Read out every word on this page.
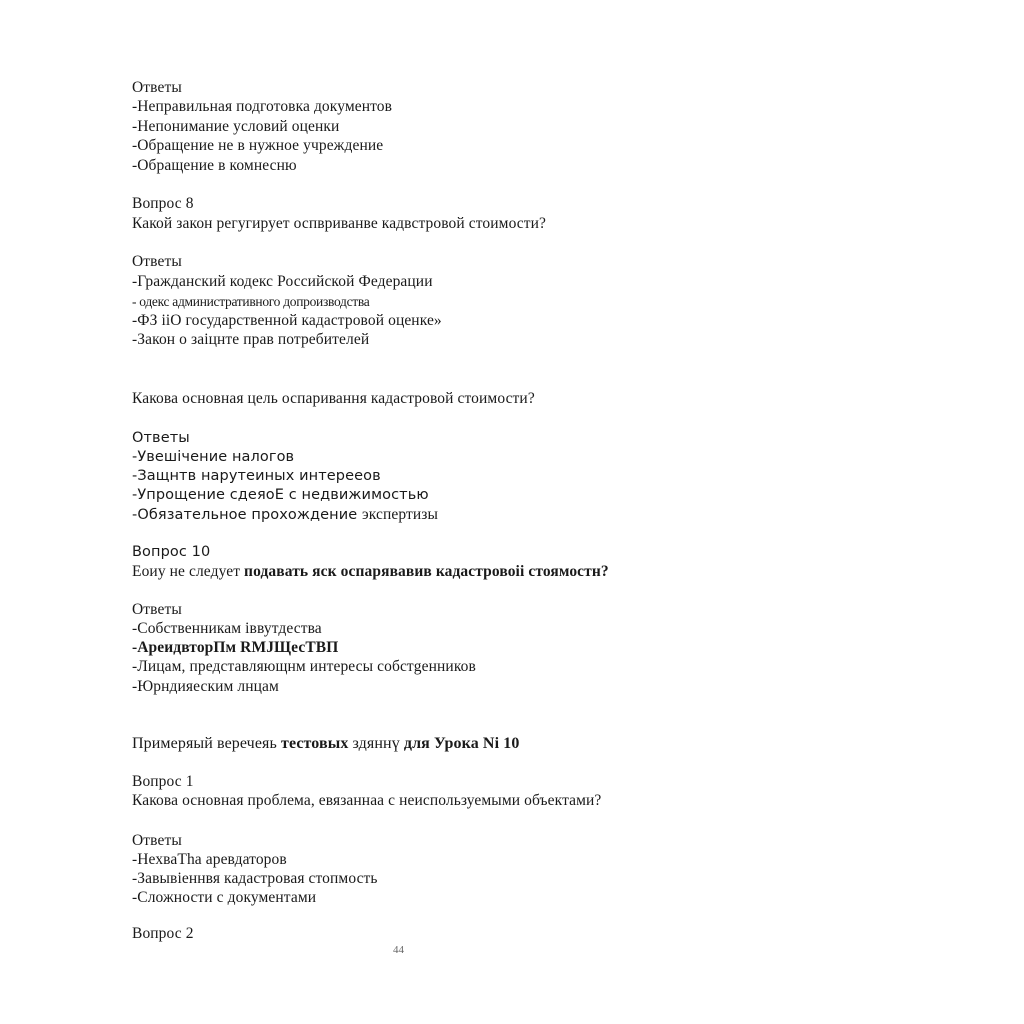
Ответы
-Неправильная подготовка документов
-Непонимание условий оценки
-Обращение не в нужное учреждение
-Обращение в комнесню
Вопрос 8
Какой закон регугирует оспвриванве кадвстровой стоимости?
Ответы
-Гражданский кодекс Российской Федерации
- одекс административного допроизводства
-ФЗ iiО государственной кадастровой оценке»
-Закон о заіцнте прав потребителей
Какова основная цель оспаривання кадастровой стоимости?
Ответы
-Увешічение налогов
-Защнтв нарутеиных интерееов
-Упрощение сдеяоЕ с недвижимостью
-Обязательное прохождение экспертизы
Вопрос 10
Еоиу не следует подавать яск оспарявавив кадастровоіі стоямостн?
Ответы
-Собственникам іввутдества
-АреидвторПм RMJЩесТВП
-Лицам, представляющнм интересы собстgенников
-Юрндияеским лнцам
Примеряый веречеяь тестовых здяннү для Урока Ni 10
Вопрос 1
Какова основная проблема, евязаннаа с неиспользуемыми объектами?
Ответы
-НехваТha аревдаторов
-Завывіеннвя кадастровая стопмость
-Сложности с документами
Вопрос 2
44
